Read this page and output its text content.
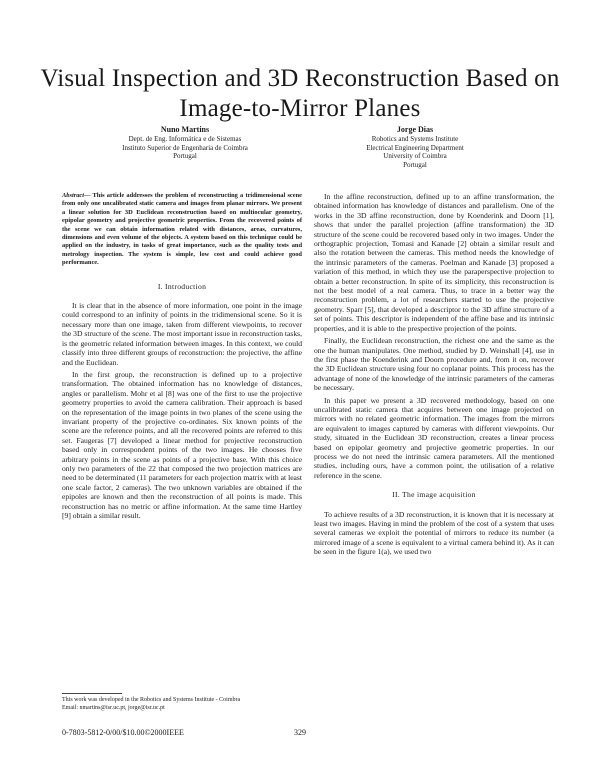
Visual Inspection and 3D Reconstruction Based on Image-to-Mirror Planes
Nuno Martins
Dept. de Eng. Informática e de Sistemas
Instituto Superior de Engenharia de Coimbra
Portugal
Jorge Dias
Robotics and Systems Institute
Electrical Engineering Department
University of Coimbra
Portugal
Abstract— This article addresses the problem of reconstructing a tridimensional scene from only one uncalibrated static camera and images from planar mirrors. We present a linear solution for 3D Euclidean reconstruction based on multiocular geometry, epipolar geometry and projective geometric properties. From the recovered points of the scene we can obtain information related with distances, areas, curvatures, dimensions and even volume of the objects. A system based on this technique could be applied on the industry, in tasks of great importance, such as the quality tests and metrology inspection. The system is simple, low cost and could achieve good performance.
I. Introduction

It is clear that in the absence of more information, one point in the image could correspond to an infinity of points in the tridimensional scene. So it is necessary more than one image, taken from different viewpoints, to recover the 3D structure of the scene. The most important issue in reconstruction tasks, is the geometric related information between images. In this context, we could classify into three different groups of reconstruction: the projective, the affine and the Euclidean.

In the first group, the reconstruction is defined up to a projective transformation. The obtained information has no knowledge of distances, angles or parallelism. Mohr et al [8] was one of the first to use the projective geometry properties to avoid the camera calibration. Their approach is based on the representation of the image points in two planes of the scene using the invariant property of the projective co-ordinates. Six known points of the scene are the reference points, and all the recovered points are referred to this set. Faugeras [7] developed a linear method for projective reconstruction based only in correspondent points of the two images. He chooses five arbitrary points in the scene as points of a projective base. With this choice only two parameters of the 22 that composed the two projection matrices are need to be determinated (11 parameters for each projection matrix with at least one scale factor, 2 cameras). The two unknown variables are obtained if the epipoles are known and then the reconstruction of all points is made. This reconstruction has no metric or affine information. At the same time Hartley [9] obtain a similar result.

In the affine reconstruction, defined up to an affine transformation, the obtained information has knowledge of distances and parallelism. One of the works in the 3D affine reconstruction, done by Koenderink and Doorn [1], shows that under the parallel projection (affine transformation) the 3D structure of the scene could be recovered based only in two images. Under the orthographic projection, Tomasi and Kanade [2] obtain a similar result and also the rotation between the cameras. This method needs the knowledge of the intrinsic parameters of the cameras. Poelman and Kanade [3] proposed a variation of this method, in which they use the paraperspective projection to obtain a better reconstruction. In spite of its simplicity, this reconstruction is not the best model of a real camera. Thus, to trace in a better way the reconstruction problem, a lot of researchers started to use the projective geometry. Sparr [5], that developed a descriptor to the 3D affine structure of a set of points. This descriptor is independent of the affine base and its intrinsic properties, and it is able to the prespective projection of the points.

Finally, the Euclidean reconstruction, the richest one and the same as the one the human manipulates. One method, studied by D. Weinshall [4], use in the first phase the Koenderink and Doorn procedure and, from it on, recover the 3D Euclidean structure using four no coplanar points. This process has the advantage of none of the knowledge of the intrinsic parameters of the cameras be necessary.

In this paper we present a 3D recovered methodology, based on one uncalibrated static camera that acquires between one image projected on mirrors with no related geometric information. The images from the mirrors are equivalent to images captured by cameras with different viewpoints. Our study, situated in the Euclidean 3D reconstruction, creates a linear process based on epipolar geometry and projective geometric properties. In our process we do not need the intrinsic camera parameters. All the mentioned studies, including ours, have a common point, the utilisation of a relative reference in the scene.

II. The image acquisition

To achieve results of a 3D reconstruction, it is known that it is necessary at least two images. Having in mind the problem of the cost of a system that uses several cameras we exploit the potential of mirrors to reduce its number (a mirrored image of a scene is equivalent to a virtual camera behind it). As it can be seen in the figure 1(a), we used two

This work was developed in the Robotics and Systems Institute - Coimbra
Email: nmartins@isr.uc.pt, jorge@isr.uc.pt
0-7803-5812-0/00/$10.00©2000IEEE	329
